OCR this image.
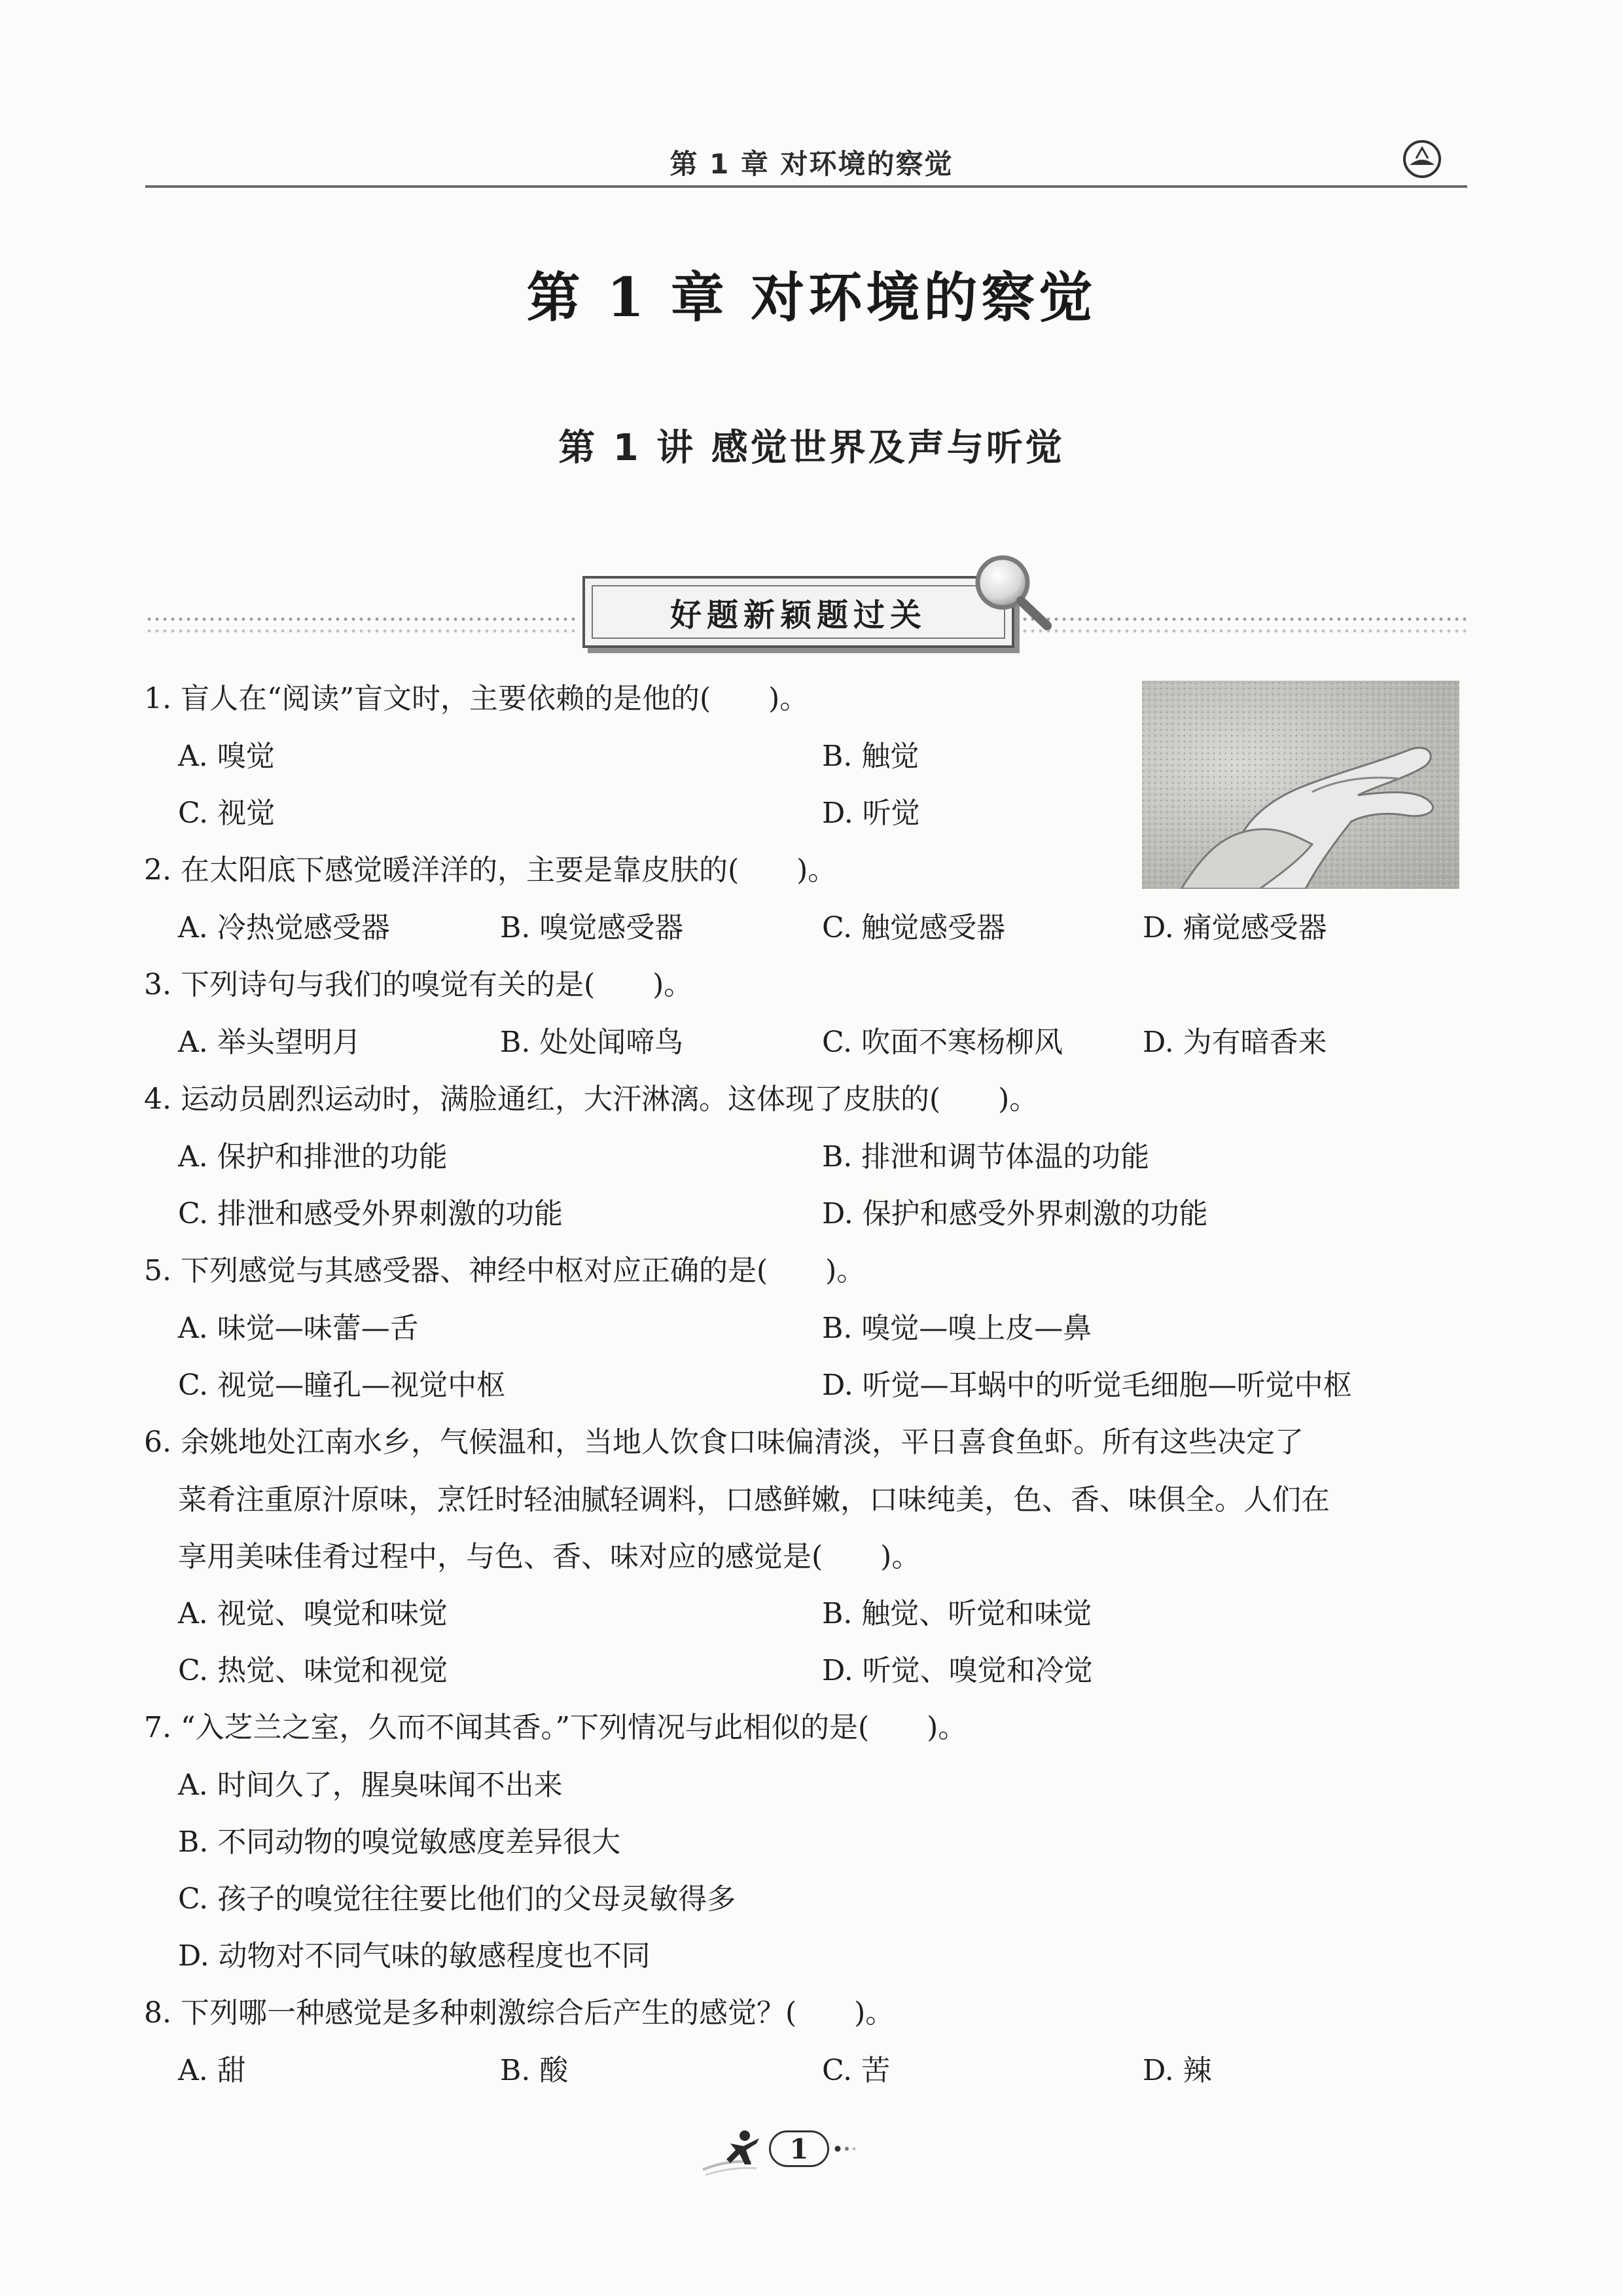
第 1 章 对环境的察觉
第 1 章 对环境的察觉
第 1 讲 感觉世界及声与听觉
好题新颖题过关
1. 盲人在“阅读”盲文时，主要依赖的是他的(　　)。
A. 嗅觉	B. 触觉
C. 视觉	D. 听觉
2. 在太阳底下感觉暖洋洋的，主要是靠皮肤的(　　)。
A. 冷热觉感受器	B. 嗅觉感受器	C. 触觉感受器	D. 痛觉感受器
3. 下列诗句与我们的嗅觉有关的是(　　)。
A. 举头望明月	B. 处处闻啼鸟	C. 吹面不寒杨柳风	D. 为有暗香来
4. 运动员剧烈运动时，满脸通红，大汗淋漓。这体现了皮肤的(　　)。
A. 保护和排泄的功能	B. 排泄和调节体温的功能
C. 排泄和感受外界刺激的功能	D. 保护和感受外界刺激的功能
5. 下列感觉与其感受器、神经中枢对应正确的是(　　)。
A. 味觉—味蕾—舌	B. 嗅觉—嗅上皮—鼻
C. 视觉—瞳孔—视觉中枢	D. 听觉—耳蜗中的听觉毛细胞—听觉中枢
6. 余姚地处江南水乡，气候温和，当地人饮食口味偏清淡，平日喜食鱼虾。所有这些决定了
菜肴注重原汁原味，烹饪时轻油腻轻调料，口感鲜嫩，口味纯美，色、香、味俱全。人们在
享用美味佳肴过程中，与色、香、味对应的感觉是(　　)。
A. 视觉、嗅觉和味觉	B. 触觉、听觉和味觉
C. 热觉、味觉和视觉	D. 听觉、嗅觉和冷觉
7. “入芝兰之室，久而不闻其香。”下列情况与此相似的是(　　)。
A. 时间久了，腥臭味闻不出来
B. 不同动物的嗅觉敏感度差异很大
C. 孩子的嗅觉往往要比他们的父母灵敏得多
D. 动物对不同气味的敏感程度也不同
8. 下列哪一种感觉是多种刺激综合后产生的感觉？(　　)。
A. 甜	B. 酸	C. 苦	D. 辣
1
